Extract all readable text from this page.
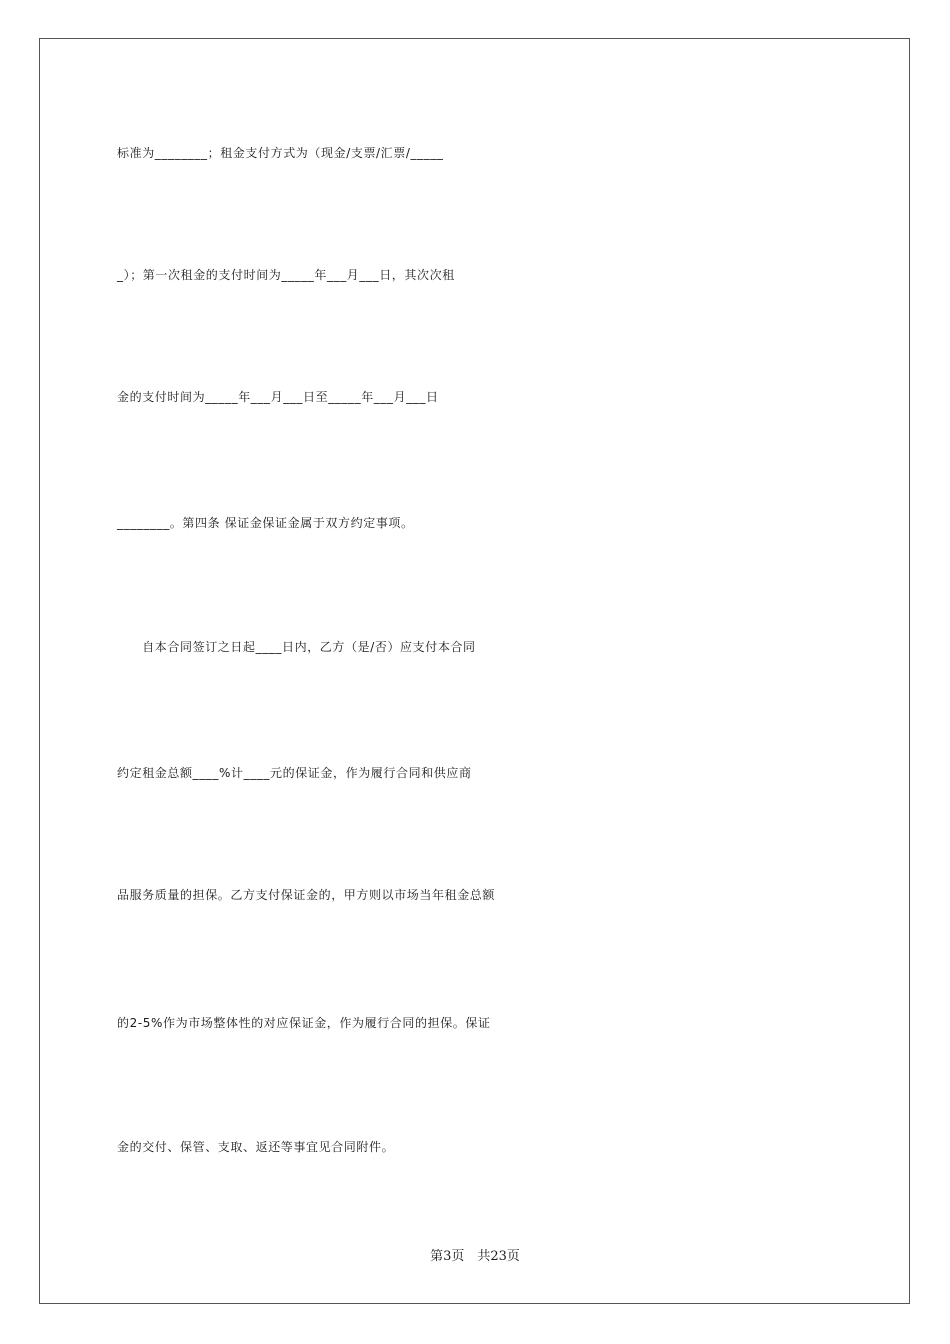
标准为________；租金支付方式为（现金/支票/汇票/_____
_）；第一次租金的支付时间为_____年___月___日，其次次租
金的支付时间为_____年___月___日至_____年___月___日
________。第四条 保证金保证金属于双方约定事项。
　　自本合同签订之日起____日内，乙方（是/否）应支付本合同
约定租金总额____%计____元的保证金，作为履行合同和供应商
品服务质量的担保。乙方支付保证金的，甲方则以市场当年租金总额
的2-5%作为市场整体性的对应保证金，作为履行合同的担保。保证
金的交付、保管、支取、返还等事宜见合同附件。
第3页　共23页
